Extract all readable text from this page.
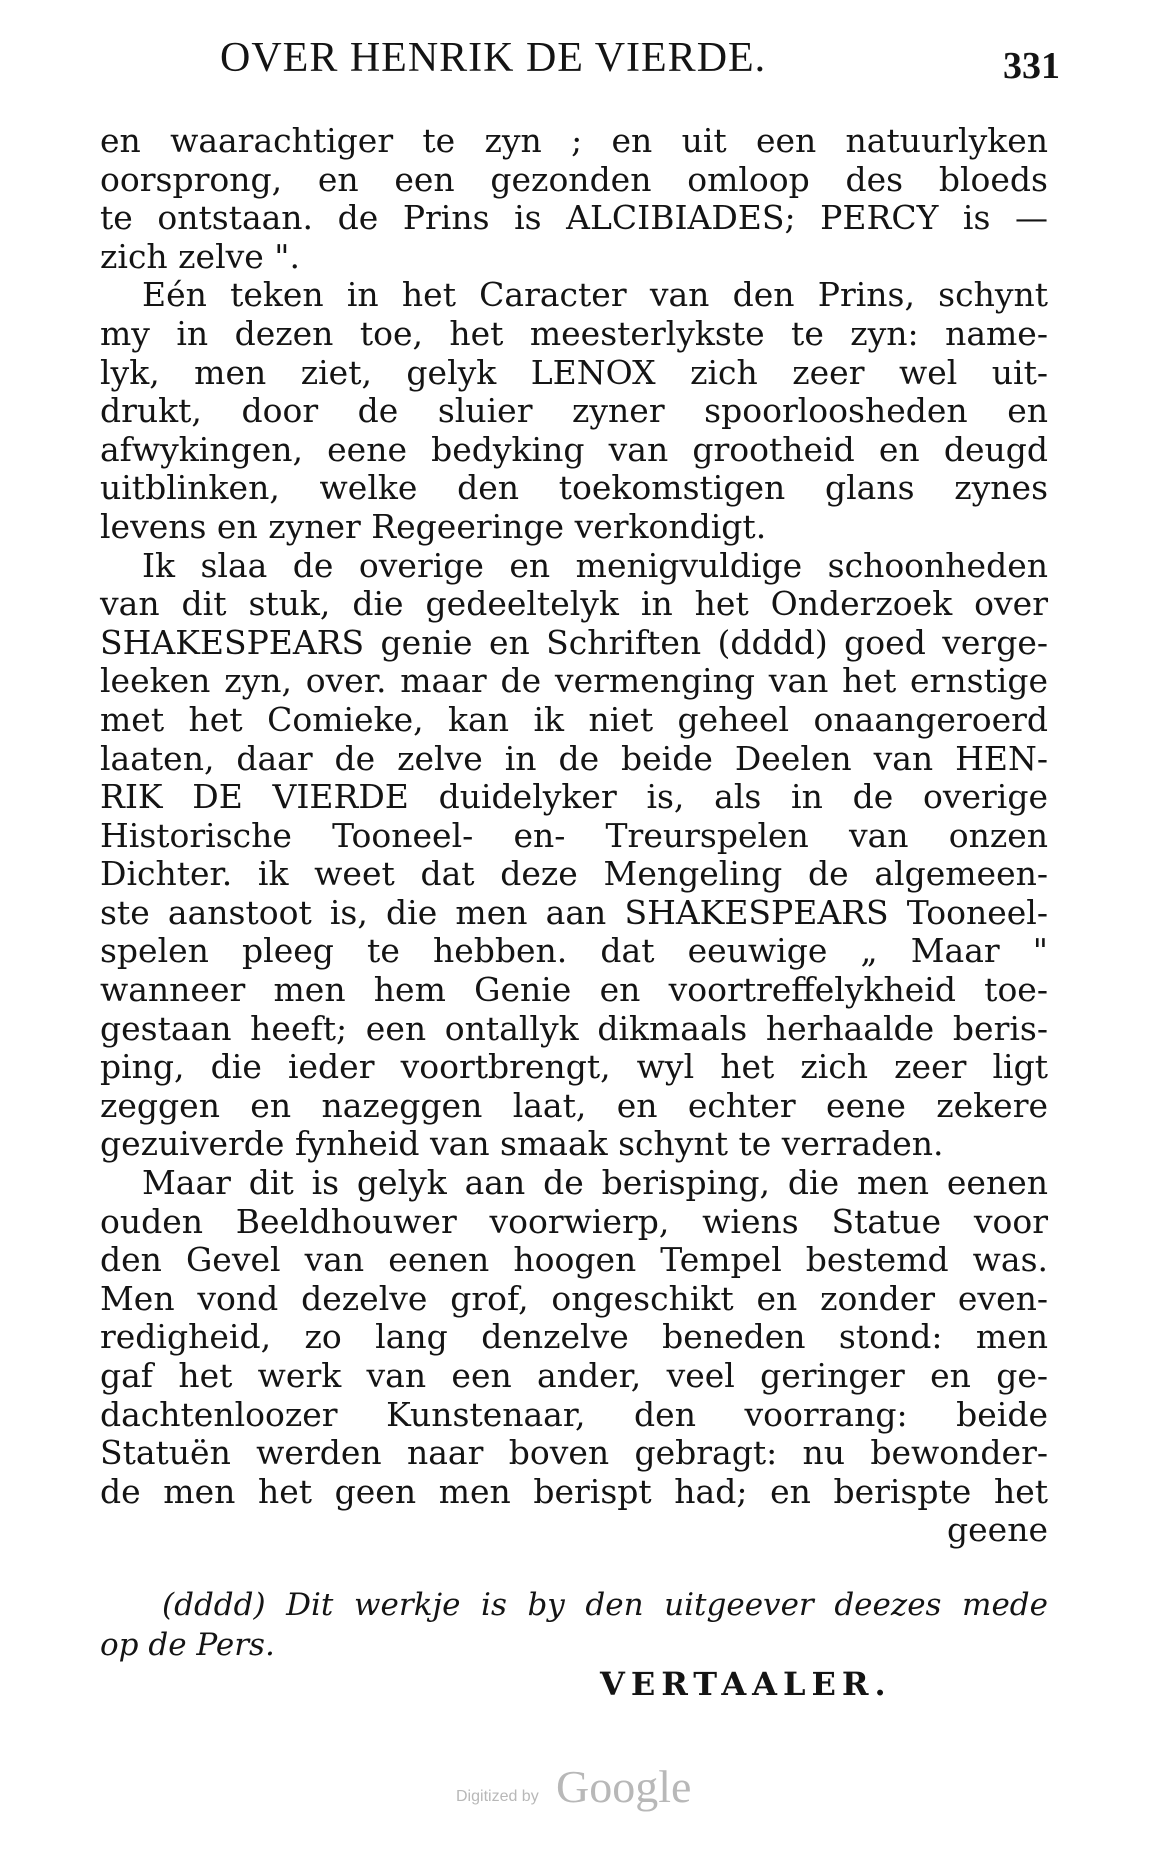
OVER HENRIK DE VIERDE.	331
en waarachtiger te zyn ; en uit een natuurlyken
oorsprong, en een gezonden omloop des bloeds
te ontstaan. de Prins is ALCIBIADES; PERCY is —
zich zelve ".
Eén teken in het Caracter van den Prins, schynt
my in dezen toe, het meesterlykste te zyn: name-
lyk, men ziet, gelyk LENOX zich zeer wel uit-
drukt, door de sluier zyner spoorloosheden en
afwykingen, eene bedyking van grootheid en deugd
uitblinken, welke den toekomstigen glans zynes
levens en zyner Regeeringe verkondigt.
Ik slaa de overige en menigvuldige schoonheden
van dit stuk, die gedeeltelyk in het Onderzoek over
SHAKESPEARS genie en Schriften (dddd) goed verge-
leeken zyn, over. maar de vermenging van het ernstige
met het Comieke, kan ik niet geheel onaangeroerd
laaten, daar de zelve in de beide Deelen van HEN-
RIK DE VIERDE duidelyker is, als in de overige
Historische Tooneel- en- Treurspelen van onzen
Dichter. ik weet dat deze Mengeling de algemeen-
ste aanstoot is, die men aan SHAKESPEARS Tooneel-
spelen pleeg te hebben. dat eeuwige „ Maar "
wanneer men hem Genie en voortreffelykheid toe-
gestaan heeft; een ontallyk dikmaals herhaalde beris-
ping, die ieder voortbrengt, wyl het zich zeer ligt
zeggen en nazeggen laat, en echter eene zekere
gezuiverde fynheid van smaak schynt te verraden.
Maar dit is gelyk aan de berisping, die men eenen
ouden Beeldhouwer voorwierp, wiens Statue voor
den Gevel van eenen hoogen Tempel bestemd was.
Men vond dezelve grof, ongeschikt en zonder even-
redigheid, zo lang denzelve beneden stond: men
gaf het werk van een ander, veel geringer en ge-
dachtenloozer Kunstenaar, den voorrang: beide
Statuën werden naar boven gebragt: nu bewonder-
de men het geen men berispt had; en berispte het
geene
(dddd) Dit werkje is by den uitgeever deezes mede
op de Pers.
VERTAALER.
Digitized by Google
